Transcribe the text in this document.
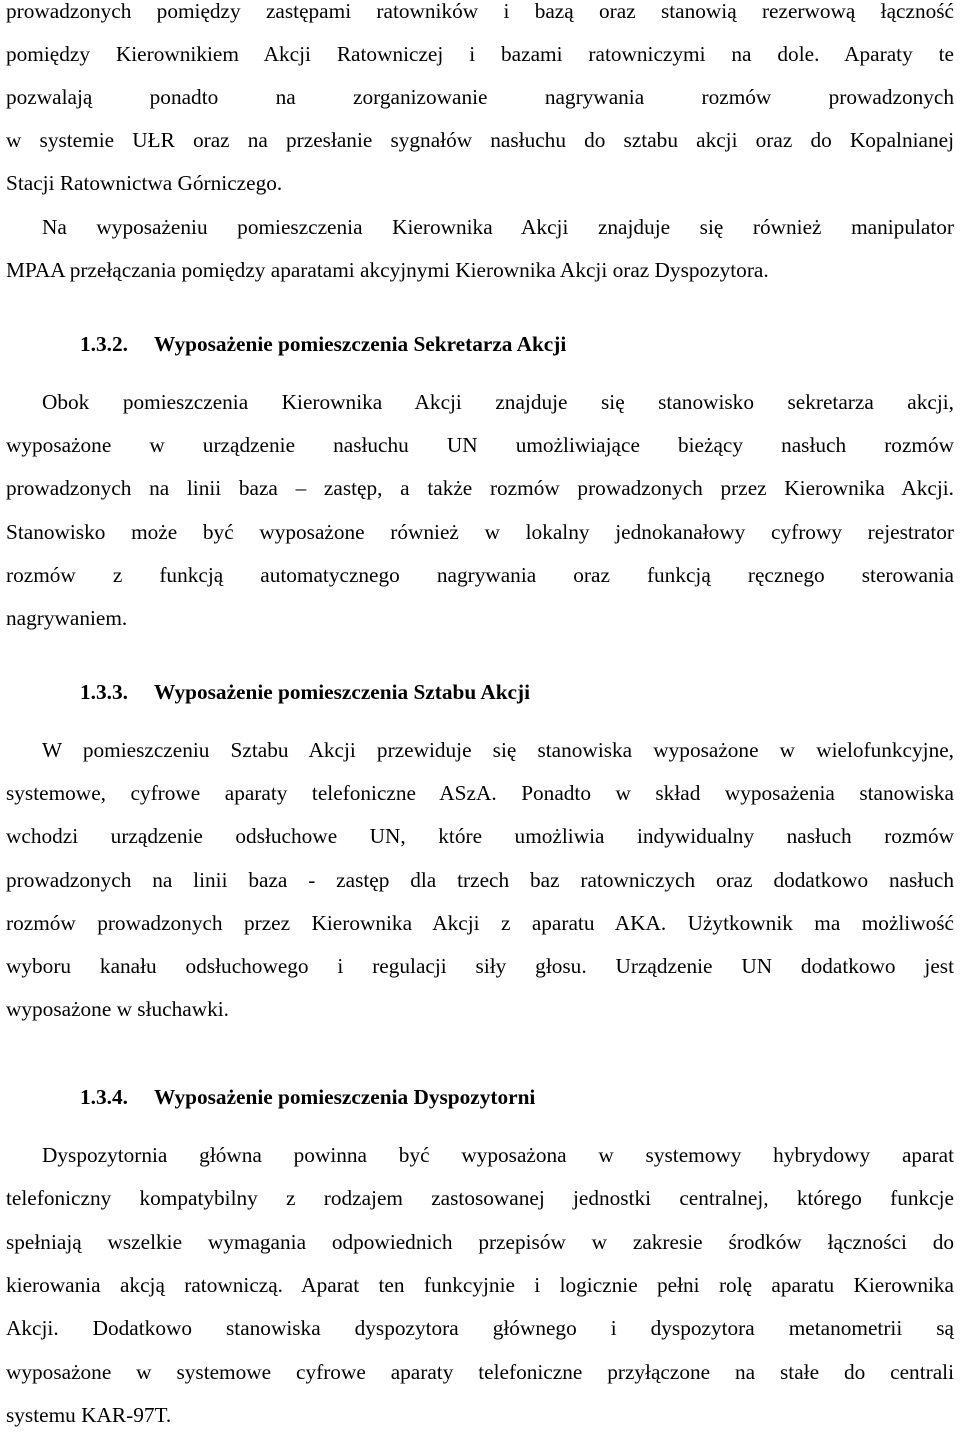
prowadzonych pomiędzy zastępami ratowników i bazą oraz stanowią rezerwową łączność
pomiędzy Kierownikiem Akcji Ratowniczej i bazami ratowniczymi na dole. Aparaty te
pozwalają ponadto na zorganizowanie nagrywania rozmów prowadzonych
w systemie UŁR oraz na przesłanie sygnałów nasłuchu do sztabu akcji oraz do Kopalnianej
Stacji Ratownictwa Górniczego.
Na wyposażeniu pomieszczenia Kierownika Akcji znajduje się również manipulator
MPAA przełączania pomiędzy aparatami akcyjnymi Kierownika Akcji oraz Dyspozytora.
1.3.2. Wyposażenie pomieszczenia Sekretarza Akcji
Obok pomieszczenia Kierownika Akcji znajduje się stanowisko sekretarza akcji,
wyposażone w urządzenie nasłuchu UN umożliwiające bieżący nasłuch rozmów
prowadzonych na linii baza – zastęp, a także rozmów prowadzonych przez Kierownika Akcji.
Stanowisko może być wyposażone również w lokalny jednokanałowy cyfrowy rejestrator
rozmów z funkcją automatycznego nagrywania oraz funkcją ręcznego sterowania
nagrywaniem.
1.3.3. Wyposażenie pomieszczenia Sztabu Akcji
W pomieszczeniu Sztabu Akcji przewiduje się stanowiska wyposażone w wielofunkcyjne,
systemowe, cyfrowe aparaty telefoniczne ASzA. Ponadto w skład wyposażenia stanowiska
wchodzi urządzenie odsłuchowe UN, które umożliwia indywidualny nasłuch rozmów
prowadzonych na linii baza - zastęp dla trzech baz ratowniczych oraz dodatkowo nasłuch
rozmów prowadzonych przez Kierownika Akcji z aparatu AKA. Użytkownik ma możliwość
wyboru kanału odsłuchowego i regulacji siły głosu. Urządzenie UN dodatkowo jest
wyposażone w słuchawki.
1.3.4. Wyposażenie pomieszczenia Dyspozytorni
Dyspozytornia główna powinna być wyposażona w systemowy hybrydowy aparat
telefoniczny kompatybilny z rodzajem zastosowanej jednostki centralnej, którego funkcje
spełniają wszelkie wymagania odpowiednich przepisów w zakresie środków łączności do
kierowania akcją ratowniczą. Aparat ten funkcyjnie i logicznie pełni rolę aparatu Kierownika
Akcji. Dodatkowo stanowiska dyspozytora głównego i dyspozytora metanometrii są
wyposażone w systemowe cyfrowe aparaty telefoniczne przyłączone na stałe do centrali
systemu KAR-97T.
